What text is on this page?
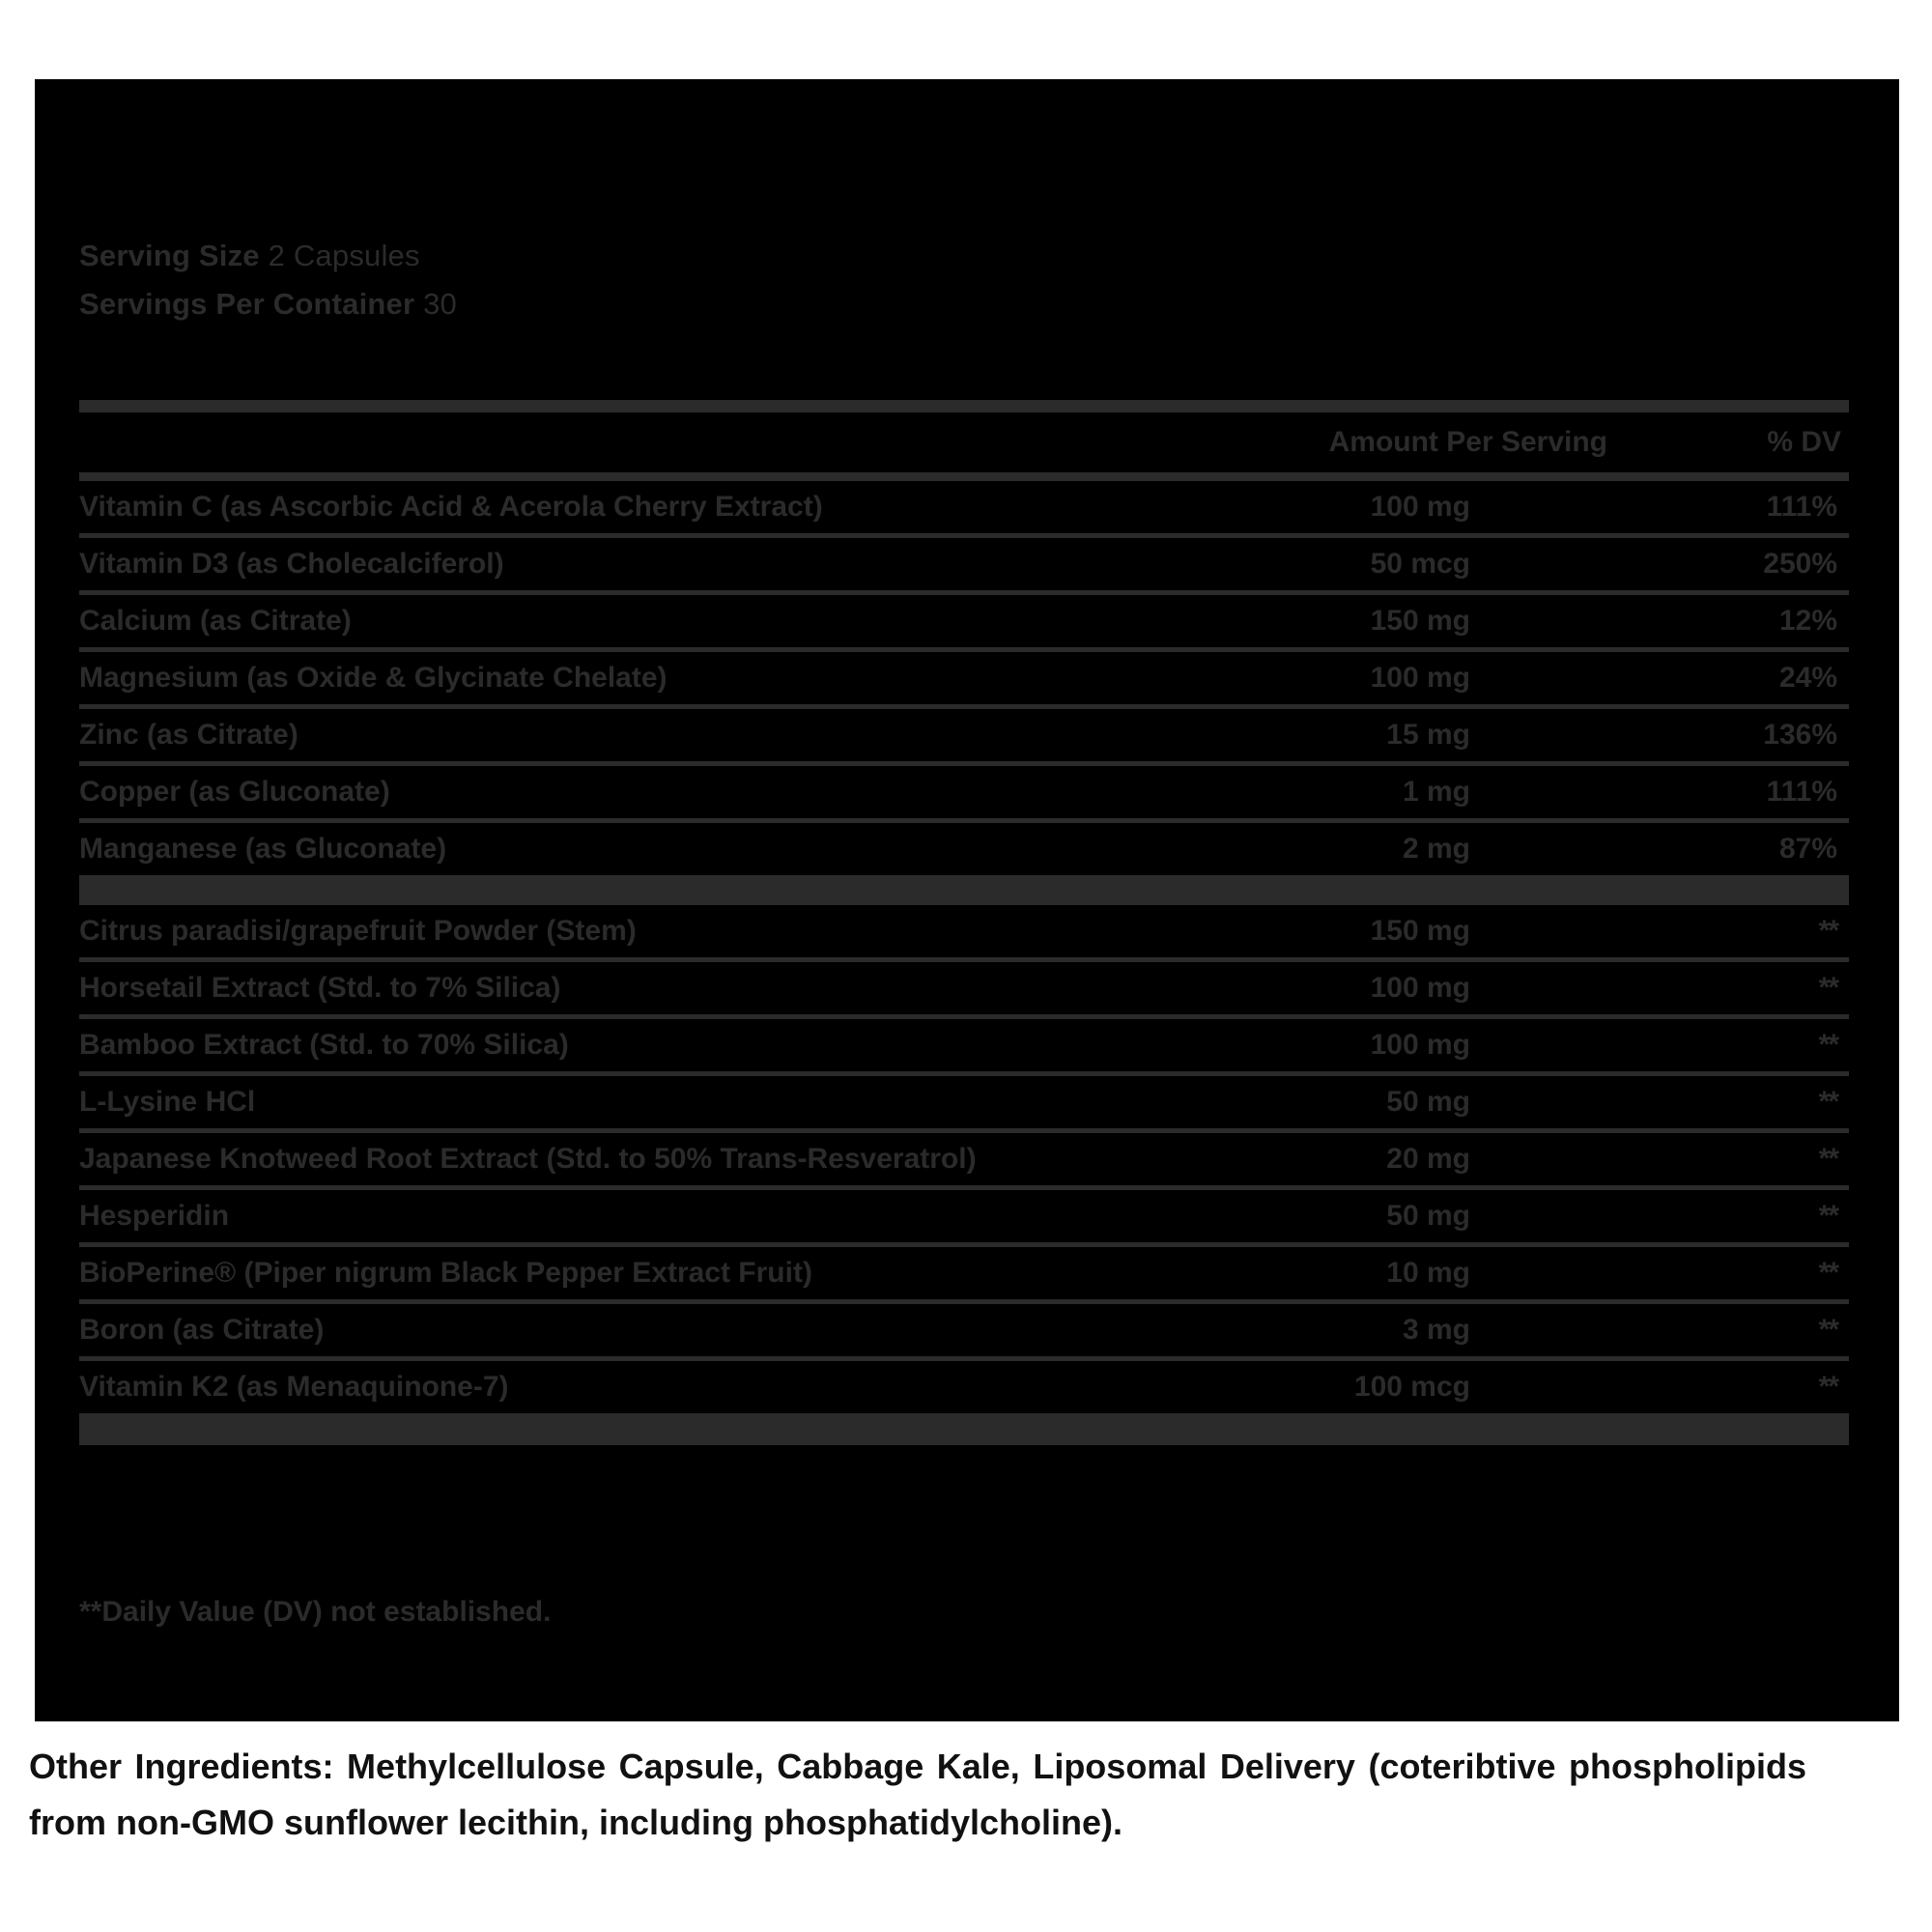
Serving Size 2 Capsules
Servings Per Container 30
	Amount Per Serving	% DV
Vitamin C (as Ascorbic Acid & Acerola Cherry Extract)	100 mg	111%
Vitamin D3 (as Cholecalciferol)	50 mcg	250%
Calcium (as Citrate)	150 mg	12%
Magnesium (as Oxide & Glycinate Chelate)	100 mg	24%
Zinc (as Citrate)	15 mg	136%
Copper (as Gluconate)	1 mg	111%
Manganese (as Gluconate)	2 mg	87%

Citrus paradisi/grapefruit Powder (Stem)	150 mg	**
Horsetail Extract (Std. to 7% Silica)	100 mg	**
Bamboo Extract (Std. to 70% Silica)	100 mg	**
L-Lysine HCl	50 mg	**
Japanese Knotweed Root Extract (Std. to 50% Trans-Resveratrol)	20 mg	**
Hesperidin	50 mg	**
BioPerine® (Piper nigrum Black Pepper Extract Fruit)	10 mg	**
Boron (as Citrate)	3 mg	**
Vitamin K2 (as Menaquinone-7)	100 mcg	**

**Daily Value (DV) not established.
Other Ingredients: Methylcellulose Capsule, Cabbage Kale, Liposomal Delivery (coteribtive phospholipids from non-GMO sunflower lecithin, including phosphatidylcholine).
